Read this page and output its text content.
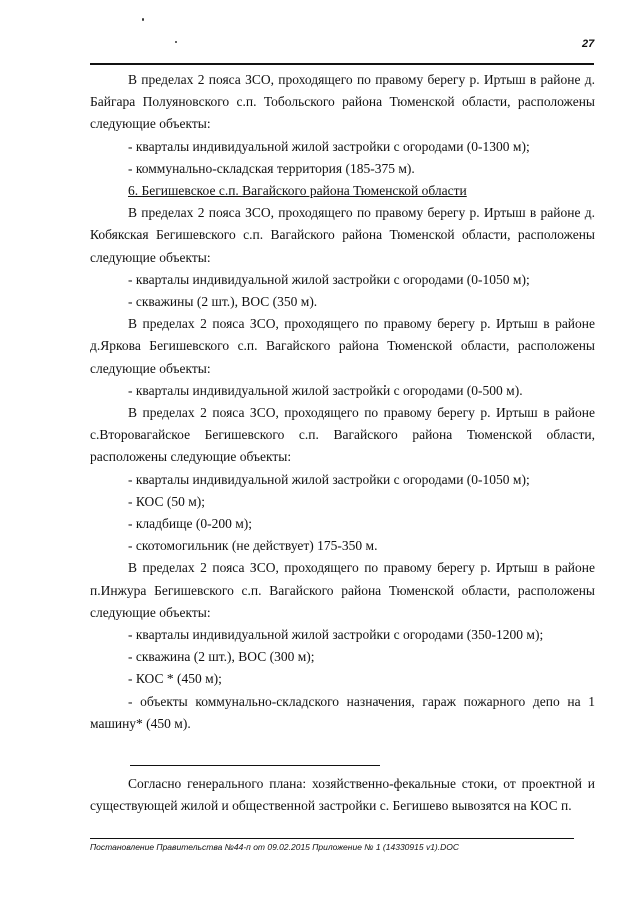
27

В пределах 2 пояса ЗСО, проходящего по правому берегу р. Иртыш в районе д. Байгара Полуяновского с.п. Тобольского района Тюменской области, расположены следующие объекты:

- кварталы индивидуальной жилой застройки с огородами (0-1300 м);

- коммунально-складская территория (185-375 м).

6. Бегишевское с.п. Вагайского района Тюменской области

В пределах 2 пояса ЗСО, проходящего по правому берегу р. Иртыш в районе д. Кобякская Бегишевского с.п. Вагайского района Тюменской области, расположены следующие объекты:

- кварталы индивидуальной жилой застройки с огородами (0-1050 м);

- скважины (2 шт.), ВОС (350 м).

В пределах 2 пояса ЗСО, проходящего по правому берегу р. Иртыш в районе д.Яркова Бегишевского с.п. Вагайского района Тюменской области, расположены следующие объекты:

- кварталы индивидуальной жилой застройки с огородами (0-500 м).

В пределах 2 пояса ЗСО, проходящего по правому берегу р. Иртыш в районе с.Второвагайское Бегишевского с.п. Вагайского района Тюменской области, расположены следующие объекты:

- кварталы индивидуальной жилой застройки с огородами (0-1050 м);

- КОС (50 м);

- кладбище (0-200 м);

- скотомогильник (не действует) 175-350 м.

В пределах 2 пояса ЗСО, проходящего по правому берегу р. Иртыш в районе п.Инжура Бегишевского с.п. Вагайского района Тюменской области, расположены следующие объекты:

- кварталы индивидуальной жилой застройки с огородами (350-1200 м);

- скважина (2 шт.), ВОС (300 м);

- КОС * (450 м);

- объекты коммунально-складского назначения, гараж пожарного депо на 1 машину* (450 м).

Согласно генерального плана: хозяйственно-фекальные стоки, от проектной и существующей жилой и общественной застройки с. Бегишево вывозятся на КОС п.

Постановление Правительства №44-п от 09.02.2015 Приложение № 1 (14330915 v1).DOC
